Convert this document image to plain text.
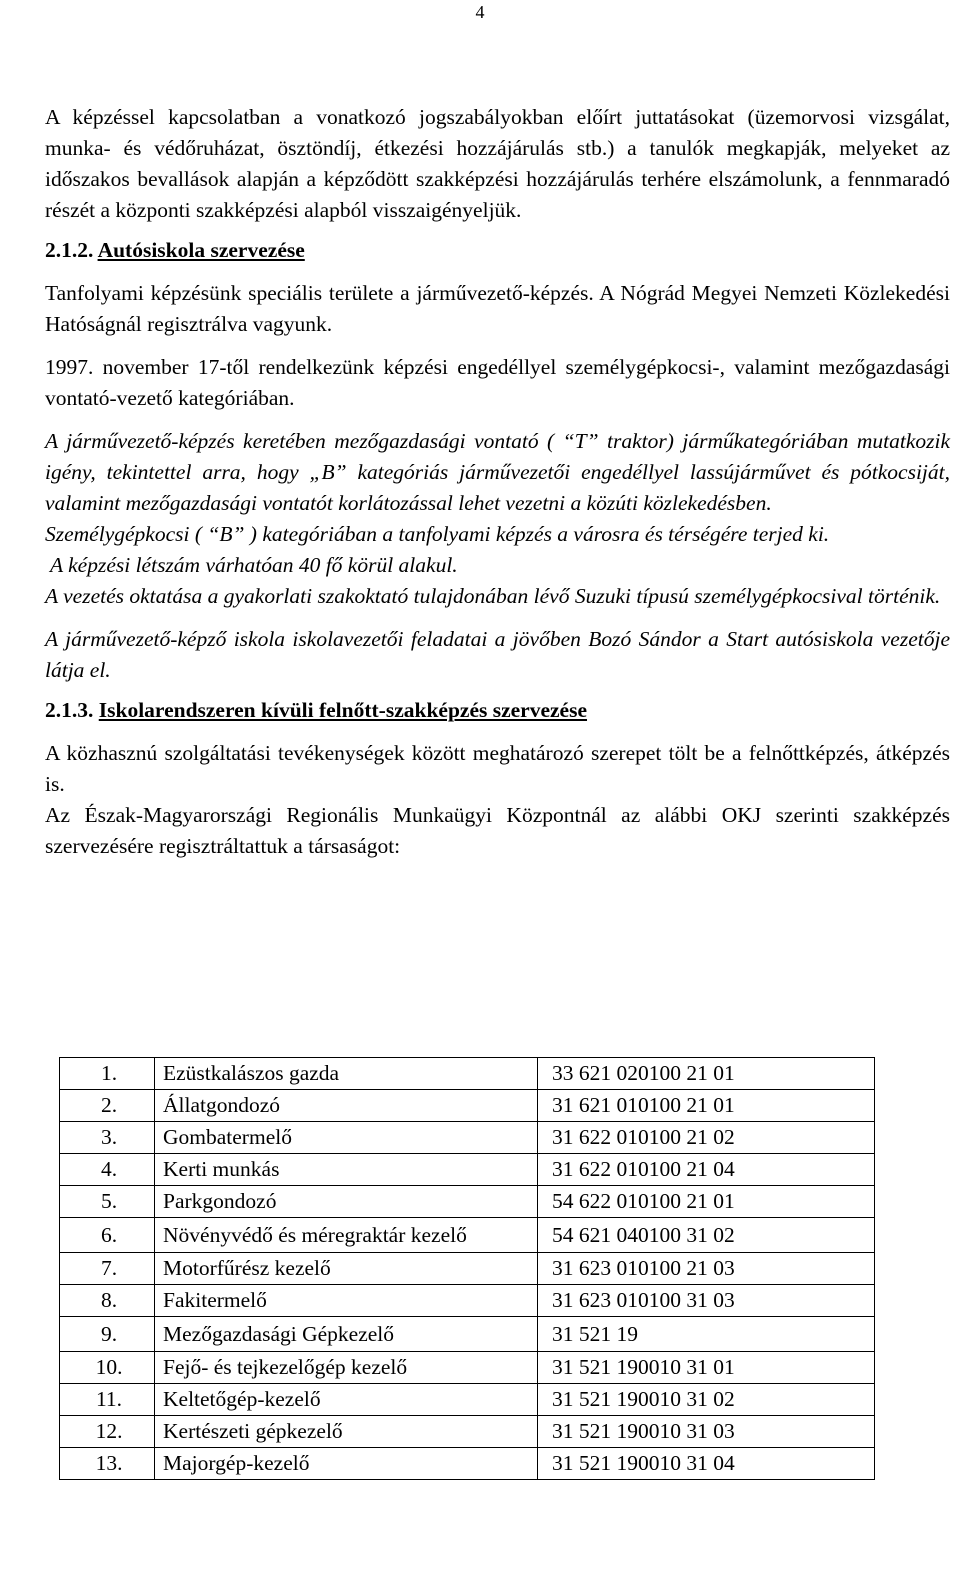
4

A képzéssel kapcsolatban a vonatkozó jogszabályokban előírt juttatásokat (üzemorvosi vizsgálat, munka- és védőruházat, ösztöndíj, étkezési hozzájárulás stb.) a tanulók megkapják, melyeket az időszakos bevallások alapján a képződött szakképzési hozzájárulás terhére elszámolunk, a fennmaradó részét a központi szakképzési alapból visszaigényeljük.

2.1.2. Autósiskola szervezése

Tanfolyami képzésünk speciális területe a járművezető-képzés. A Nógrád Megyei Nemzeti Közlekedési Hatóságnál regisztrálva vagyunk.

1997. november 17-től rendelkezünk képzési engedéllyel személygépkocsi-, valamint mezőgazdasági vontató-vezető kategóriában.

A járművezető-képzés keretében mezőgazdasági vontató ( “T” traktor) járműkategóriában mutatkozik igény, tekintettel arra, hogy „B” kategóriás járművezetői engedéllyel lassújárművet és pótkocsiját, valamint mezőgazdasági vontatót korlátozással lehet vezetni a közúti közlekedésben.

Személygépkocsi ( “B” ) kategóriában a tanfolyami képzés a városra és térségére terjed ki.

A képzési létszám várhatóan 40 fő körül alakul.

A vezetés oktatása a gyakorlati szakoktató tulajdonában lévő Suzuki típusú személygépkocsival történik.

A járművezető-képző iskola iskolavezetői feladatai a jövőben Bozó Sándor a Start autósiskola vezetője látja el.

2.1.3. Iskolarendszeren kívüli felnőtt-szakképzés szervezése

A közhasznú szolgáltatási tevékenységek között meghatározó szerepet tölt be a felnőttképzés, átképzés is.

Az Észak-Magyarországi Regionális Munkaügyi Központnál az alábbi OKJ szerinti szakképzés szervezésére regisztráltattuk a társaságot:

1.	Ezüstkalászos gazda	33 621 020100 21 01
2.	Állatgondozó	31 621 010100 21 01
3.	Gombatermelő	31 622 010100 21 02
4.	Kerti munkás	31 622 010100 21 04
5.	Parkgondozó	54 622 010100 21 01
6.	Növényvédő és méregraktár kezelő	54 621 040100 31 02
7.	Motorfűrész kezelő	31 623 010100 21 03
8.	Fakitermelő	31 623 010100 31 03
9.	Mezőgazdasági Gépkezelő	31 521 19
10.	Fejő- és tejkezelőgép kezelő	31 521 190010 31 01
11.	Keltetőgép-kezelő	31 521 190010 31 02
12.	Kertészeti gépkezelő	31 521 190010 31 03
13.	Majorgép-kezelő	31 521 190010 31 04
